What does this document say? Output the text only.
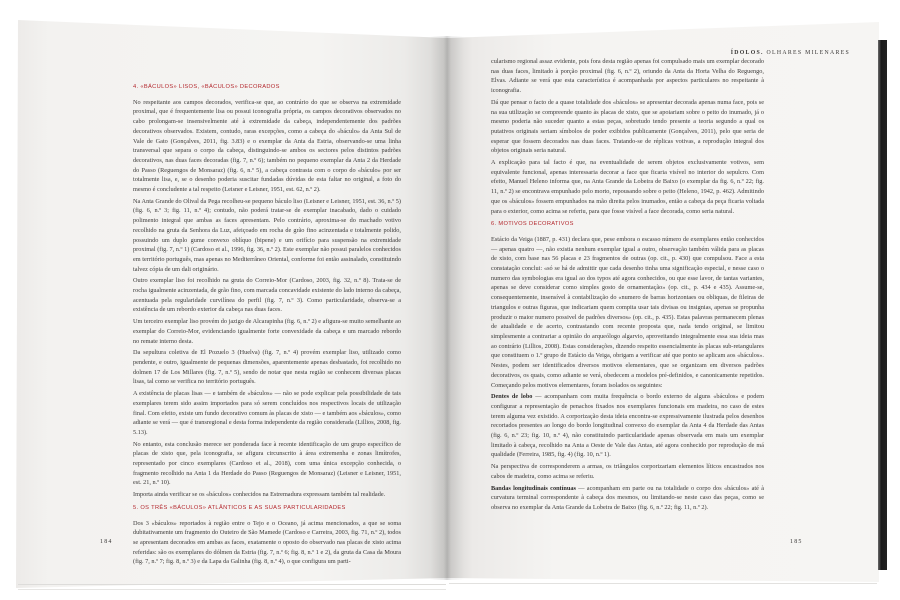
4. «BÁCULOS» LISOS, «BÁCULOS» DECORADOS

No respeitante aos campos decorados, verifica-se que, ao contrário do que se observa na extremidade proximal, que é frequentemente lisa ou possui iconografia própria, os campos decorativos observados no cabo prolongam-se insensivelmente até à extremidade da cabeça, independentemente dos padrões decorativos observados. Existem, contudo, raras excepções, como a cabeça do «báculo» da Anta Sul de Vale de Gato (Gonçalves, 2011, fig. 3.83) e o exemplar da Anta da Estria, observando-se uma linha transversal que separa o corpo da cabeça, distinguindo-se ambos os sectores pelos distintos padrões decorativos, nas duas faces decoradas (fig. 7, n.º 6); também no pequeno exemplar da Anta 2 da Herdade do Passo (Reguengos de Monsaraz) (fig. 6, n.º 5), a cabeça contrasta com o corpo do «báculo» por ser totalmente lisa, e, se o desenho poderia suscitar fundadas dúvidas de esta faltar no original, a foto do mesmo é concludente a tal respeito (Leisner e Leisner, 1951, est. 62, n.º 2).

Na Anta Grande do Olival da Pega recolheu-se pequeno báculo liso (Leisner e Leisner, 1951, est. 36, n.º 5) (fig. 6, n.º 3; fig. 11, n.º 4); contudo, não poderá tratar-se de exemplar inacabado, dado o cuidado polimento integral que ambas as faces apresentam. Pelo contrário, aproxima-se do machado votivo recolhido na gruta da Senhora da Luz, afeiçoado em rocha de grão fino acinzentada e totalmente polido, possuindo um duplo gume convexo oblíquo (bipene) e um orifício para suspensão na extremidade proximal (fig. 7, n.º 1) (Cardoso et al., 1996, fig. 36, n.º 2). Este exemplar não possui paralelos conhecidos em território português, mas apenas no Mediterrâneo Oriental, conforme foi então assinalado, constituindo talvez cópia de um dali originário.

Outro exemplar liso foi recolhido na gruta do Correio-Mor (Cardoso, 2003, fig. 32, n.º 8). Trata-se de rocha igualmente acinzentada, de grão fino, com marcada concavidade existente do lado interno da cabeça, acentuada pela regularidade curvilínea do perfil (fig. 7, n.º 3). Como particularidade, observa-se a existência de um rebordo exterior da cabeça nas duas faces.

Um terceiro exemplar liso provém do jazigo de Alcarapinha (fig. 6, n.º 2) e afigura-se muito semelhante ao exemplar do Correio-Mor, evidenciando igualmente forte convexidade da cabeça e um marcado rebordo no remate interno desta.

Da sepultura coletiva de El Pozuelo 3 (Huelva) (fig. 7, n.º 4) provém exemplar liso, utilizado como pendente, e outro, igualmente de pequenas dimensões, aparentemente apenas desbastado, foi recolhido no dolmen 17 de Los Millares (fig. 7, n.º 5), sendo de notar que nesta região se conhecem diversas placas lisas, tal como se verifica no território português.

A existência de placas lisas — e também de «báculos» — não se pode explicar pela possibilidade de tais exemplares terem sido assim importados para só serem concluídos nos respectivos locais de utilização final. Com efeito, existe um fundo decorativo comum às placas de xisto — e também aos «báculos», como adiante se verá — que é transregional e desta forma independente da região considerada (Lillios, 2008, fig. 5.13).

No entanto, esta conclusão merece ser ponderada face à recente identificação de um grupo específico de placas de xisto que, pela iconografia, se afigura circunscrito à área extremenha e zonas limítrofes, representado por cinco exemplares (Cardoso et al., 2018), com uma única excepção conhecida, o fragmento recolhido na Anta 1 da Herdade do Passo (Reguengos de Monsaraz) (Leisner e Leisner, 1951, est. 21, n.º 10).

Importa ainda verificar se os «báculos» conhecidos na Estremadura expressam também tal realidade.

5. OS TRÊS «BÁCULOS» ATLÂNTICOS E AS SUAS PARTICULARIDADES

Dos 3 «báculos» reportados à região entre o Tejo e o Oceano, já acima mencionados, a que se soma dubitativamente um fragmento do Outeiro de São Mamede (Cardoso e Carreira, 2003, fig. 71, n.º 2), todos se apresentam decorados em ambas as faces, exatamente o oposto do observado nas placas de xisto acima referidas: são os exemplares do dólmen da Estria (fig. 7, n.º 6; fig. 8, n.º 1 e 2), da gruta da Casa da Moura (fig. 7, n.º 7; fig. 8, n.º 3) e da Lapa da Galinha (fig. 8, n.º 4), o que configura um parti-

184
ÍDOLOS. OLHARES MILENARES

cularismo regional assaz evidente, pois fora desta região apenas foi compulsado mais um exemplar decorado nas duas faces, limitado à porção proximal (fig. 6, n.º 2), oriundo da Anta da Horta Velha do Reguengo, Elvas. Adiante se verá que esta característica é acompanhada por aspectos particulares no respeitante à iconografia.

Dá que pensar o facto de a quase totalidade dos «báculos» se apresentar decorada apenas numa face, pois se na sua utilização se compreende quanto às placas de xisto, que se apoiariam sobre o peito do inumado, já o mesmo poderia não suceder quanto a estas peças, sobretudo tendo presente a teoria segundo a qual os putativos originais seriam símbolos de poder exibidos publicamente (Gonçalves, 2011), pelo que seria de esperar que fossem decorados nas duas faces. Tratando-se de réplicas votivas, a reprodução integral dos objetos originais seria natural.

A explicação para tal facto é que, na eventualidade de serem objetos exclusivamente votivos, sem equivalente funcional, apenas interessaria decorar a face que ficaria visível no interior do sepulcro. Com efeito, Manuel Heleno informa que, na Anta Grande da Lobeira de Baixo (o exemplar da fig. 6, n.º 22; fig. 11, n.º 2) se encontrava empunhado pelo morto, repousando sobre o peito (Heleno, 1942, p. 462). Admitindo que os «báculos» fossem empunhados na mão direita pelos inumados, então a cabeça da peça ficaria voltada para o exterior, como acima se referiu, para que fosse visível a face decorada, como seria natural.

6. MOTIVOS DECORATIVOS

Estácio da Veiga (1887, p. 431) declara que, pese embora o escasso número de exemplares então conhecidos — apenas quatro —, não existia nenhum exemplar igual a outro, observação também válida para as placas de xisto, com base nas 56 placas e 23 fragmentos de outras (op. cit., p. 430) que compulsou. Face a esta constatação conclui: «só se há de admittir que cada desenho tinha uma significação especial, e nesse caso o numero das symbologias era igual ao dos typos até agora conhecidos, ou que esse lavor, de tantas variantes, apenas se deve considerar como simples gosto de ornamentação» (op. cit., p. 434 e 435). Assume-se, consequentemente, insensível à contabilização do «numero de barras horizontaes ou obliquas, de fileiras de triangulos e outras figuras, que indicariam quem compita usar tais divisas ou insignias, apenas se propunha produzir o maior numero possivel de padrões diversos» (op. cit., p. 435). Estas palavras permanecem plenas de atualidade e de acerto, contrastando com recente proposta que, nada tendo original, se limitou simplesmente a contrariar a opinião do arqueólogo algarvio, aproveitando integralmente essa sua ideia mas ao contrário (Lillios, 2008). Estas considerações, dizendo respeito essencialmente às placas sub-retangulares que constituem o 1.º grupo de Estácio da Veiga, obrigam a verificar até que ponto se aplicam aos «báculos». Nestes, podem ser identificados diversos motivos elementares, que se organizam em diversos padrões decorativos, os quais, como adiante se verá, obedecem a modelos pré-definidos, e canonicamente repetidos. Começando pelos motivos elementares, foram isolados os seguintes:

Dentes de lobo — acompanham com muita frequência o bordo externo de alguns «báculos» e podem configurar a representação de penachos fixados nos exemplares funcionais em madeira, no caso de estes terem alguma vez existido. A corporização desta ideia encontra-se expressivamente ilustrada pelos desenhos recortados presentes ao longo do bordo longitudinal convexo do exemplar da Anta 4 da Herdade das Antas (fig. 6, n.º 23; fig. 10, n.º 4), não constituindo particularidade apenas observada em mais um exemplar limitado à cabeça, recolhido na Anta a Oeste de Vale das Antas, até agora conhecido por reprodução de má qualidade (Ferreira, 1985, fig. 4) (fig. 10, n.º 1).

Na perspectiva de corresponderem a armas, os triângulos corporizariam elementos líticos encastrados nos cabos de madeira, como acima se referiu.

Bandas longitudinais contínuas — acompanham em parte ou na totalidade o corpo dos «báculos» até à curvatura terminal correspondente à cabeça dos mesmos, ou limitando-se neste caso das peças, como se observa no exemplar da Anta Grande da Lobeira de Baixo (fig. 6, n.º 22; fig. 11, n.º 2).

185
